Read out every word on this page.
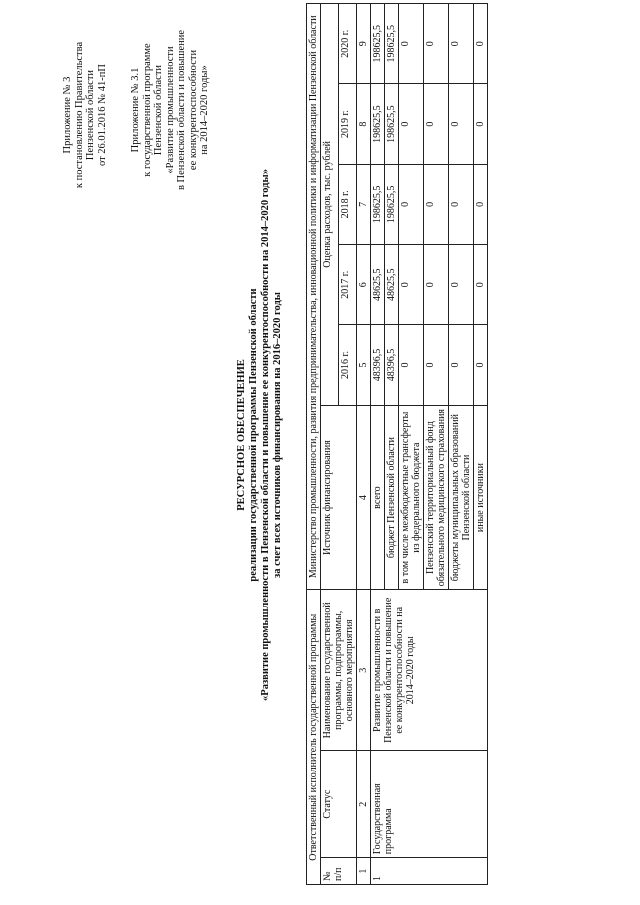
Приложение № 3 к постановлению Правительства Пензенской области от 26.01.2016 № 41-пП Приложение № 3.1 к государственной программе Пензенской области «Развитие промышленности в Пензенской области и повышение ее конкурентоспособности на 2014–2020 годы»
РЕСУРСНОЕ ОБЕСПЕЧЕНИЕ реализации государственной программы Пензенской области «Развитие промышленности в Пензенской области и повышение ее конкурентоспособности на 2014–2020 годы» за счет всех источников финансирования на 2016–2020 годы
Ответственный исполнитель государственной программы			Министерство промышленности, развития предпринимательства, инновационной политики и информатизации Пензенской области					
№ п/п	Статус	Наименование государственной программы, подпрограммы, основного мероприятия	Источник финансирования	Оценка расходов, тыс. рублей				
				2016 г.	2017 г.	2018 г.	2019 г.	2020 г.
1	2	3	4	5	6	7	8	9
1	Государственная программа	Развитие промышленности в Пензенской области и повышение ее конкурентоспособности на 2014–2020 годы	всего	48396,5	48625,5	198625,5	198625,5	198625,5
			бюджет Пензенской области	48396,5	48625,5	198625,5	198625,5	198625,5
			в том числе межбюджетные трансферты из федерального бюджета	0	0	0	0	0
			Пензенский территориальный фонд обязательного медицинского страхования	0	0	0	0	0
			бюджеты муниципальных образований Пензенской области	0	0	0	0	0
			иные источники	0	0	0	0	0
